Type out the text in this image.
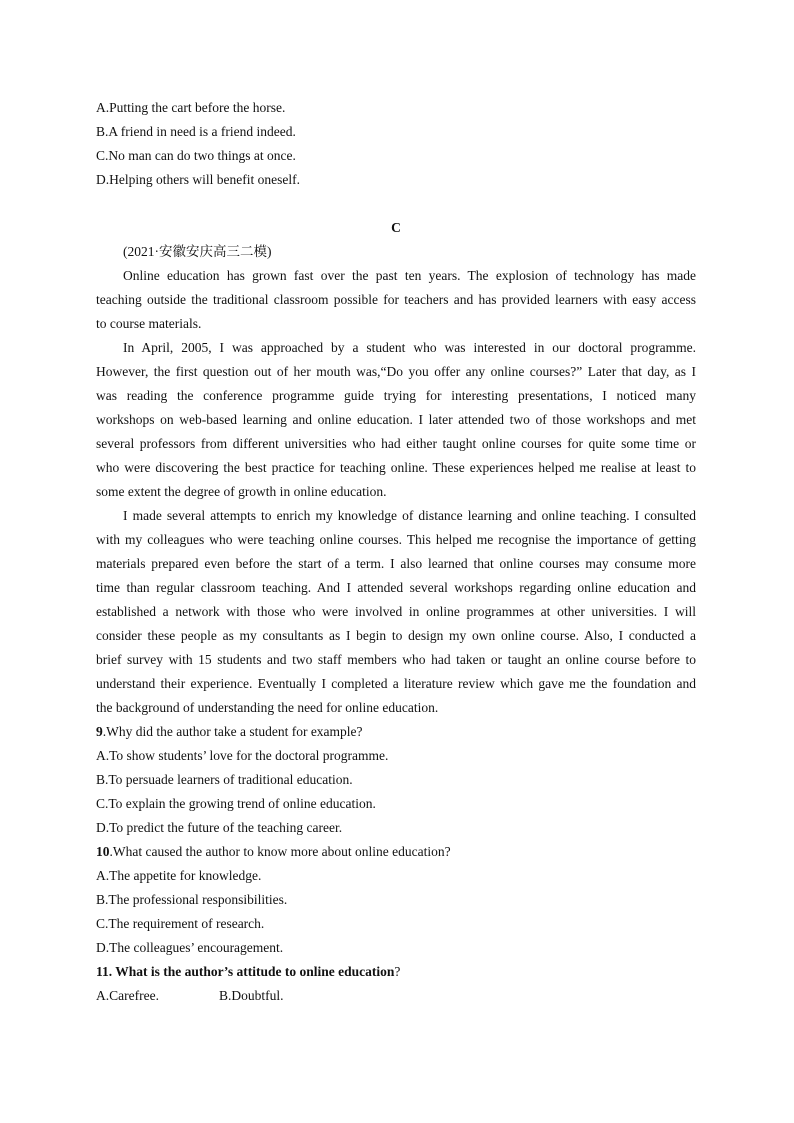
A.Putting the cart before the horse.
B.A friend in need is a friend indeed.
C.No man can do two things at once.
D.Helping others will benefit oneself.
C
(2021·安徽安庆高三二模)
Online education has grown fast over the past ten years. The explosion of technology has made
teaching outside the traditional classroom possible for teachers and has provided learners with easy access
to course materials.
In April, 2005, I was approached by a student who was interested in our doctoral programme.
However, the first question out of her mouth was,“Do you offer any online courses?” Later that day, as I
was reading the conference programme guide trying for interesting presentations, I noticed many
workshops on web-based learning and online education. I later attended two of those workshops and met
several professors from different universities who had either taught online courses for quite some time or
who were discovering the best practice for teaching online. These experiences helped me realise at least to
some extent the degree of growth in online education.
I made several attempts to enrich my knowledge of distance learning and online teaching. I consulted
with my colleagues who were teaching online courses. This helped me recognise the importance of getting
materials prepared even before the start of a term. I also learned that online courses may consume more
time than regular classroom teaching. And I attended several workshops regarding online education and
established a network with those who were involved in online programmes at other universities. I will
consider these people as my consultants as I begin to design my own online course. Also, I conducted a
brief survey with 15 students and two staff members who had taken or taught an online course before to
understand their experience. Eventually I completed a literature review which gave me the foundation and
the background of understanding the need for online education.
9.Why did the author take a student for example?
A.To show students’ love for the doctoral programme.
B.To persuade learners of traditional education.
C.To explain the growing trend of online education.
D.To predict the future of the teaching career.
10.What caused the author to know more about online education?
A.The appetite for knowledge.
B.The professional responsibilities.
C.The requirement of research.
D.The colleagues’ encouragement.
11. What is the author’s attitude to online education?
A.Carefree.	B.Doubtful.
